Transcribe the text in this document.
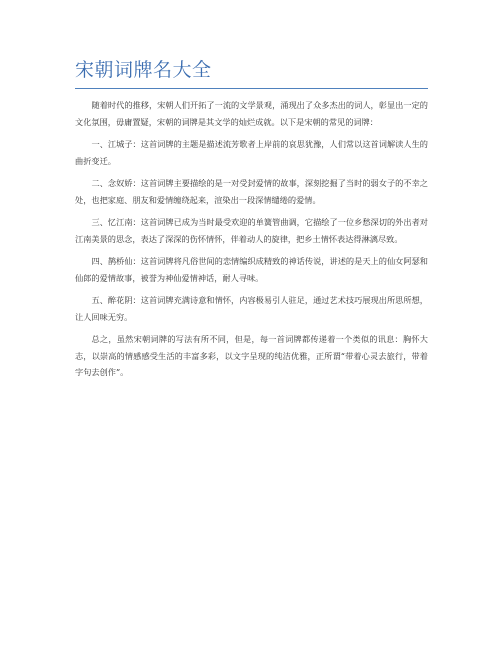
宋朝词牌名大全

随着时代的推移，宋朝人们开拓了一流的文学景观，涌现出了众多杰出的词人，彰显出一定的文化氛围，毋庸置疑，宋朝的词牌是其文学的灿烂成就。以下是宋朝的常见的词牌：

一、江城子：这首词牌的主题是描述流芳歌者上岸前的哀思犹豫，人们常以这首词解读人生的曲折变迁。

二、念奴娇：这首词牌主要描绘的是一对受封爱情的故事，深刻挖掘了当时的弱女子的不幸之处，也把家庭、朋友和爱情缠绕起来，渲染出一段深情缱绻的爱情。

三、忆江南：这首词牌已成为当时最受欢迎的单簧管曲调，它描绘了一位乡愁深切的外出者对江南美景的思念，表达了深深的伤怀情怀，伴着动人的旋律，把乡土情怀表达得淋漓尽致。

四、鹊桥仙：这首词牌将凡俗世间的恋情编织成精致的神话传说，讲述的是天上的仙女阿瑟和仙郎的爱情故事，被誉为神仙爱情神话，耐人寻味。

五、醉花阴：这首词牌充满诗意和情怀，内容极易引人驻足，通过艺术技巧展现出所思所想，让人回味无穷。

总之，虽然宋朝词牌的写法有所不同，但是，每一首词牌都传递着一个类似的讯息：胸怀大志，以崇高的情感感受生活的丰富多彩，以文字呈现的纯洁优雅，正所谓“带着心灵去旅行，带着字句去创作”。
